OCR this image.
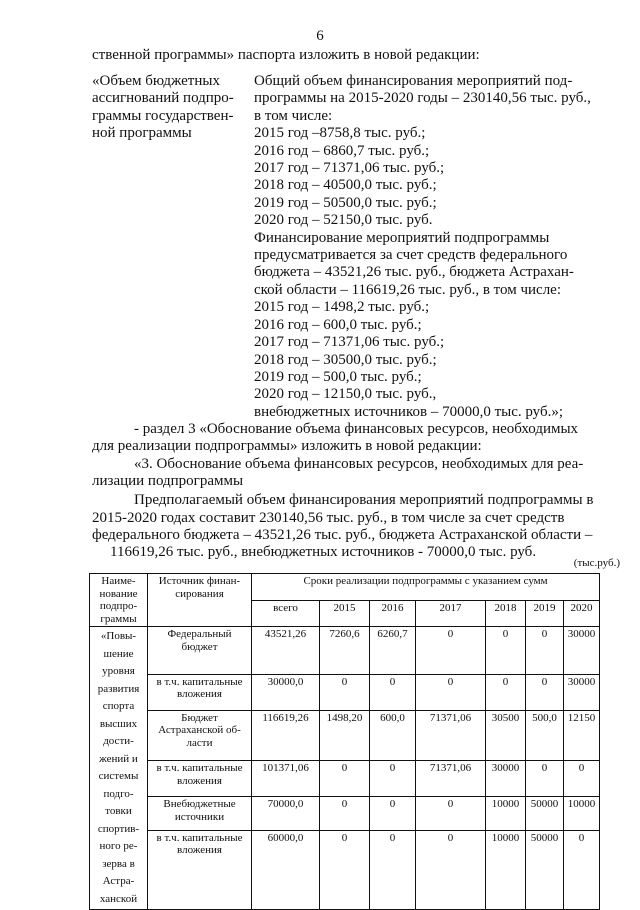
6
ственной программы» паспорта изложить в новой редакции:
«Объем бюджетных
ассигнований подпро-
граммы государствен-
ной программы
Общий объем финансирования мероприятий под-
программы на 2015-2020 годы – 230140,56 тыс. руб.,
в том числе:
2015 год –8758,8 тыс. руб.;
2016 год – 6860,7 тыс. руб.;
2017 год – 71371,06 тыс. руб.;
2018 год – 40500,0 тыс. руб.;
2019 год – 50500,0 тыс. руб.;
2020 год – 52150,0 тыс. руб.
Финансирование мероприятий подпрограммы
предусматривается за счет средств федерального
бюджета – 43521,26 тыс. руб., бюджета Астрахан-
ской области – 116619,26 тыс. руб., в том числе:
2015 год – 1498,2 тыс. руб.;
2016 год – 600,0 тыс. руб.;
2017 год – 71371,06 тыс. руб.;
2018 год – 30500,0 тыс. руб.;
2019 год – 500,0 тыс. руб.;
2020 год – 12150,0 тыс. руб.,
внебюджетных источников – 70000,0 тыс. руб.»;
- раздел 3 «Обоснование объема финансовых ресурсов, необходимых
для реализации подпрограммы» изложить в новой редакции:
«3. Обоснование объема финансовых ресурсов, необходимых для реа-
лизации подпрограммы
Предполагаемый объем финансирования мероприятий подпрограммы в
2015-2020 годах составит 230140,56 тыс. руб., в том числе за счет средств
федерального бюджета – 43521,26 тыс. руб., бюджета Астраханской области –
116619,26 тыс. руб., внебюджетных источников - 70000,0 тыс. руб.
(тыс.руб.)
Наиме-нование подпро-граммы	Источник финан-сирования	Сроки реализации подпрограммы с указанием сумм						
		всего	2015	2016	2017	2018	2019	2020
«Повы-шение уровня развития спорта высших дости-жений и системы подго-товки спортив-ного ре-зерва в Астра-ханской	Федеральный бюджет	43521,26	7260,6	6260,7	0	0	0	30000
	в т.ч. капитальные вложения	30000,0	0	0	0	0	0	30000
	Бюджет Астраханской об-ласти	116619,26	1498,20	600,0	71371,06	30500	500,0	12150
	в т.ч. капитальные вложения	101371,06	0	0	71371,06	30000	0	0
	Внебюджетные источники	70000,0	0	0	0	10000	50000	10000
	в т.ч. капитальные вложения	60000,0	0	0	0	10000	50000	0
